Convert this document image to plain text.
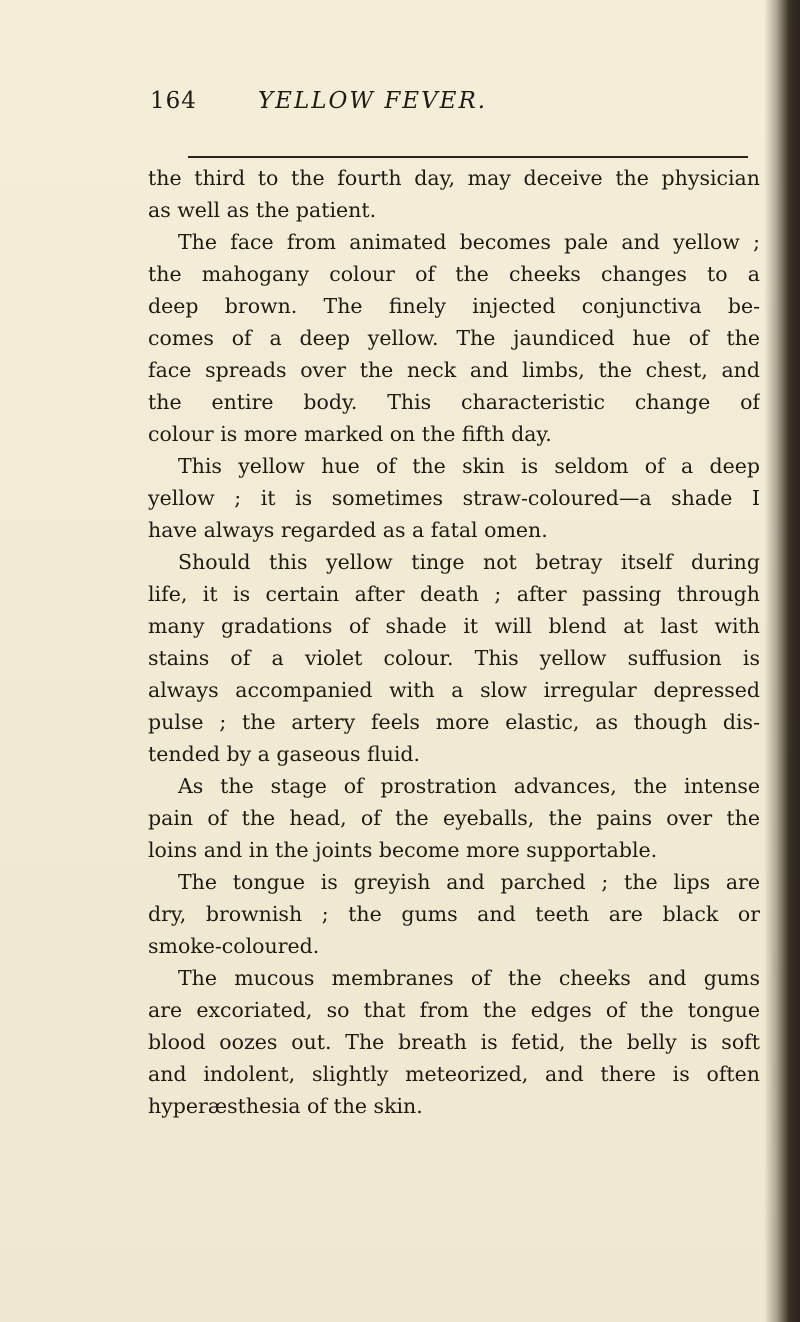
164	YELLOW FEVER.
the third to the fourth day, may deceive the physician
as well as the patient.
The face from animated becomes pale and yellow ;
the mahogany colour of the cheeks changes to a
deep brown. The finely injected conjunctiva be-
comes of a deep yellow. The jaundiced hue of the
face spreads over the neck and limbs, the chest, and
the entire body. This characteristic change of
colour is more marked on the fifth day.
This yellow hue of the skin is seldom of a deep
yellow ; it is sometimes straw-coloured—a shade I
have always regarded as a fatal omen.
Should this yellow tinge not betray itself during
life, it is certain after death ; after passing through
many gradations of shade it will blend at last with
stains of a violet colour. This yellow suffusion is
always accompanied with a slow irregular depressed
pulse ; the artery feels more elastic, as though dis-
tended by a gaseous fluid.
As the stage of prostration advances, the intense
pain of the head, of the eyeballs, the pains over the
loins and in the joints become more supportable.
The tongue is greyish and parched ; the lips are
dry, brownish ; the gums and teeth are black or
smoke-coloured.
The mucous membranes of the cheeks and gums
are excoriated, so that from the edges of the tongue
blood oozes out. The breath is fetid, the belly is soft
and indolent, slightly meteorized, and there is often
hyperæsthesia of the skin.
